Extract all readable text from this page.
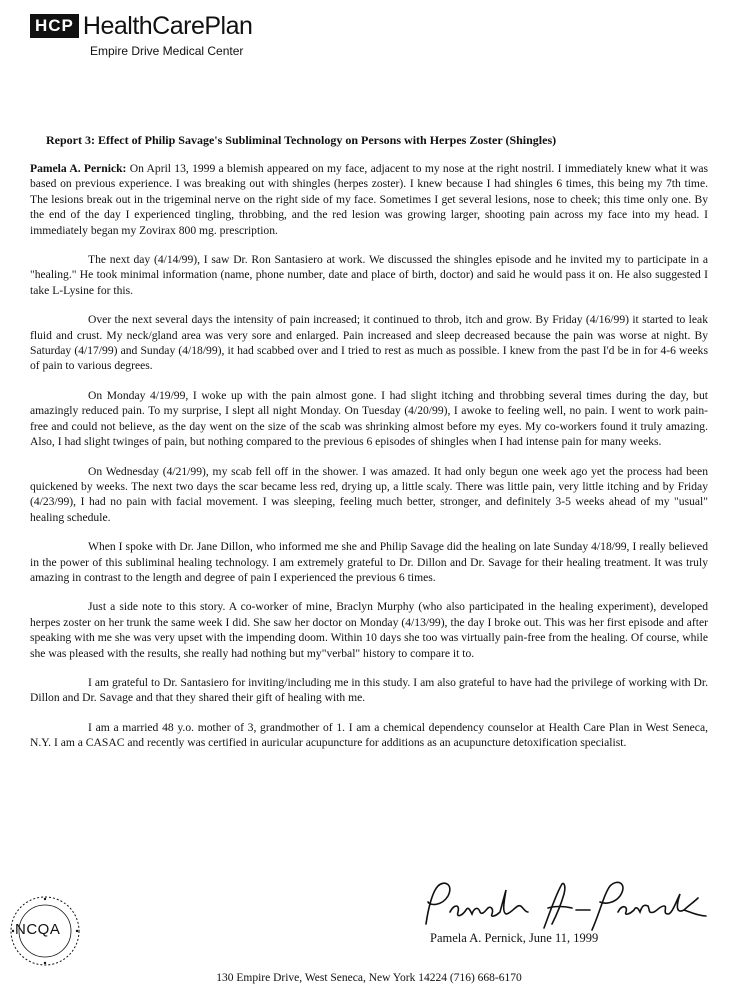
HCP HealthCarePlan
Empire Drive Medical Center
Report 3: Effect of Philip Savage's Subliminal Technology on Persons with Herpes Zoster (Shingles)

Pamela A. Pernick: On April 13, 1999 a blemish appeared on my face, adjacent to my nose at the right nostril. I immediately knew what it was based on previous experience. I was breaking out with shingles (herpes zoster). I knew because I had shingles 6 times, this being my 7th time. The lesions break out in the trigeminal nerve on the right side of my face. Sometimes I get several lesions, nose to cheek; this time only one. By the end of the day I experienced tingling, throbbing, and the red lesion was growing larger, shooting pain across my face into my head. I immediately began my Zovirax 800 mg. prescription.

The next day (4/14/99), I saw Dr. Ron Santasiero at work. We discussed the shingles episode and he invited my to participate in a "healing." He took minimal information (name, phone number, date and place of birth, doctor) and said he would pass it on. He also suggested I take L-Lysine for this.

Over the next several days the intensity of pain increased; it continued to throb, itch and grow. By Friday (4/16/99) it started to leak fluid and crust. My neck/gland area was very sore and enlarged. Pain increased and sleep decreased because the pain was worse at night. By Saturday (4/17/99) and Sunday (4/18/99), it had scabbed over and I tried to rest as much as possible. I knew from the past I'd be in for 4-6 weeks of pain to various degrees.

On Monday 4/19/99, I woke up with the pain almost gone. I had slight itching and throbbing several times during the day, but amazingly reduced pain. To my surprise, I slept all night Monday. On Tuesday (4/20/99), I awoke to feeling well, no pain. I went to work pain-free and could not believe, as the day went on the size of the scab was shrinking almost before my eyes. My co-workers found it truly amazing. Also, I had slight twinges of pain, but nothing compared to the previous 6 episodes of shingles when I had intense pain for many weeks.

On Wednesday (4/21/99), my scab fell off in the shower. I was amazed. It had only begun one week ago yet the process had been quickened by weeks. The next two days the scar became less red, drying up, a little scaly. There was little pain, very little itching and by Friday (4/23/99), I had no pain with facial movement. I was sleeping, feeling much better, stronger, and definitely 3-5 weeks ahead of my "usual" healing schedule.

When I spoke with Dr. Jane Dillon, who informed me she and Philip Savage did the healing on late Sunday 4/18/99, I really believed in the power of this subliminal healing technology. I am extremely grateful to Dr. Dillon and Dr. Savage for their healing treatment. It was truly amazing in contrast to the length and degree of pain I experienced the previous 6 times.

Just a side note to this story. A co-worker of mine, Braclyn Murphy (who also participated in the healing experiment), developed herpes zoster on her trunk the same week I did. She saw her doctor on Monday (4/13/99), the day I broke out. This was her first episode and after speaking with me she was very upset with the impending doom. Within 10 days she too was virtually pain-free from the healing. Of course, while she was pleased with the results, she really had nothing but my"verbal" history to compare it to.

I am grateful to Dr. Santasiero for inviting/including me in this study. I am also grateful to have had the privilege of working with Dr. Dillon and Dr. Savage and that they shared their gift of healing with me.

I am a married 48 y.o. mother of 3, grandmother of 1. I am a chemical dependency counselor at Health Care Plan in West Seneca, N.Y. I am a CASAC and recently was certified in auricular acupuncture for additions as an acupuncture detoxification specialist.

Pamela A. Pernick, June 11, 1999
NCQA
130 Empire Drive, West Seneca, New York 14224 (716) 668-6170
